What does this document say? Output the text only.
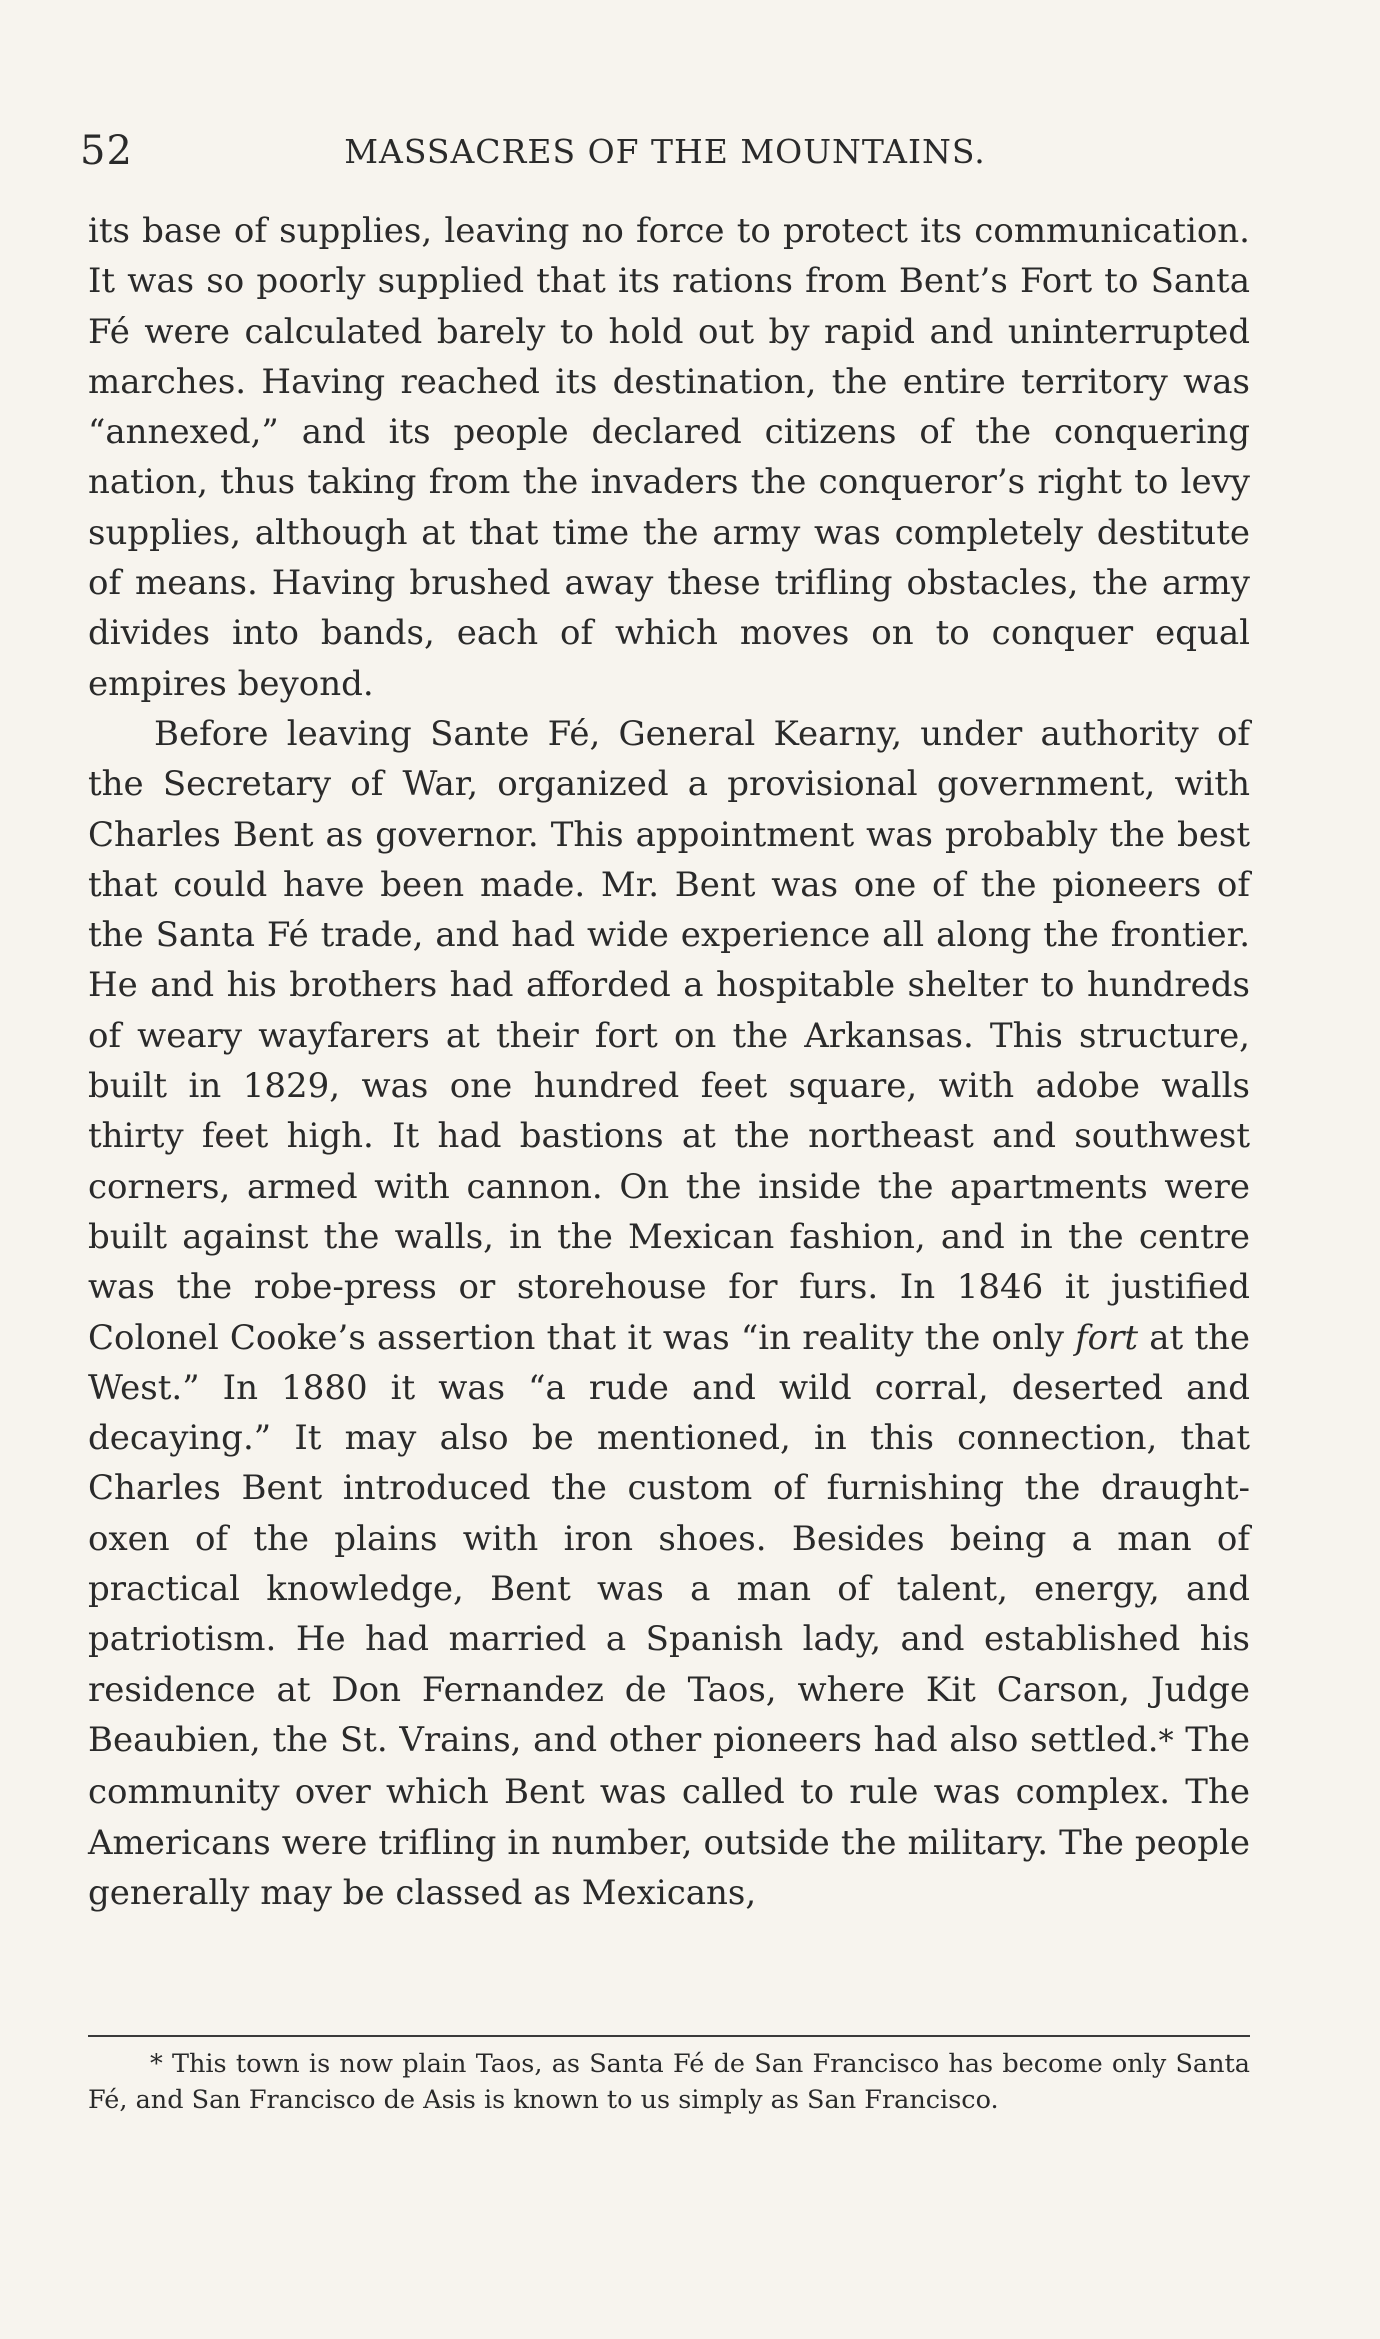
52	MASSACRES OF THE MOUNTAINS.

its base of supplies, leaving no force to protect its communication. It was so poorly supplied that its rations from Bent’s Fort to Santa Fé were calculated barely to hold out by rapid and uninterrupted marches. Having reached its destination, the entire territory was “annexed,” and its people declared citizens of the conquering nation, thus taking from the invaders the conqueror’s right to levy supplies, although at that time the army was completely destitute of means. Having brushed away these trifling obstacles, the army divides into bands, each of which moves on to conquer equal empires beyond.

Before leaving Sante Fé, General Kearny, under authority of the Secretary of War, organized a provisional government, with Charles Bent as governor. This appointment was probably the best that could have been made. Mr. Bent was one of the pioneers of the Santa Fé trade, and had wide experience all along the frontier. He and his brothers had afforded a hospitable shelter to hundreds of weary wayfarers at their fort on the Arkansas. This structure, built in 1829, was one hundred feet square, with adobe walls thirty feet high. It had bastions at the northeast and southwest corners, armed with cannon. On the inside the apartments were built against the walls, in the Mexican fashion, and in the centre was the robe-press or storehouse for furs. In 1846 it justified Colonel Cooke’s assertion that it was “in reality the only fort at the West.” In 1880 it was “a rude and wild corral, deserted and decaying.” It may also be mentioned, in this connection, that Charles Bent introduced the custom of furnishing the draught-oxen of the plains with iron shoes. Besides being a man of practical knowledge, Bent was a man of talent, energy, and patriotism. He had married a Spanish lady, and established his residence at Don Fernandez de Taos, where Kit Carson, Judge Beaubien, the St. Vrains, and other pioneers had also settled.* The community over which Bent was called to rule was complex. The Americans were trifling in number, outside the military. The people generally may be classed as Mexicans,

* This town is now plain Taos, as Santa Fé de San Francisco has become only Santa Fé, and San Francisco de Asis is known to us simply as San Francisco.
